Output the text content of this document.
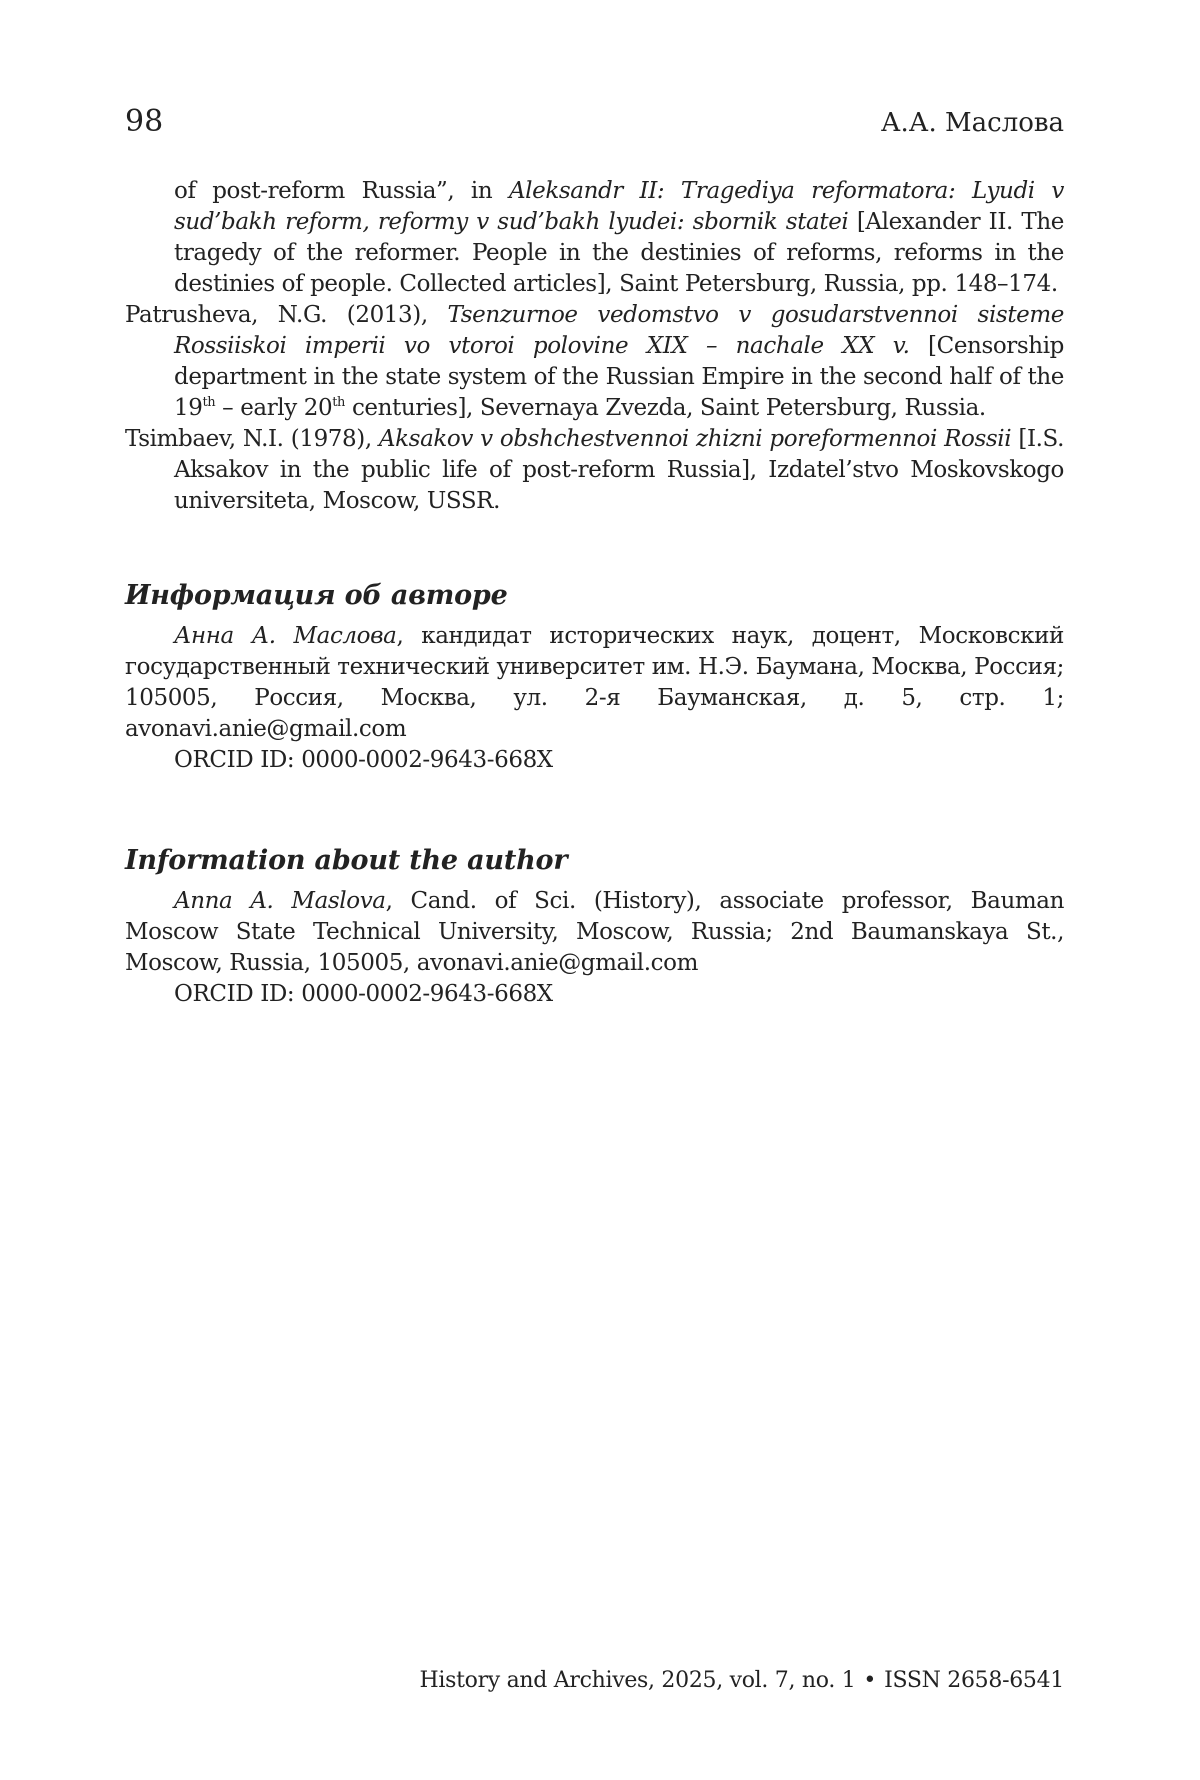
98	А.А. Маслова

of post-reform Russia”, in Aleksandr II: Tragediya reformatora: Lyudi v sud’bakh reform, reformy v sud’bakh lyudei: sbornik statei [Alexander II. The tragedy of the reformer. People in the destinies of reforms, reforms in the destinies of people. Collected articles], Saint Petersburg, Russia, pp. 148–174.

Patrusheva, N.G. (2013), Tsenzurnoe vedomstvo v gosudarstvennoi sisteme Rossiiskoi imperii vo vtoroi polovine XIX – nachale XX v. [Censorship department in the state system of the Russian Empire in the second half of the 19th – early 20th centuries], Severnaya Zvezda, Saint Petersburg, Russia.

Tsimbaev, N.I. (1978), Aksakov v obshchestvennoi zhizni poreformennoi Rossii [I.S. Aksakov in the public life of post-reform Russia], Izdatel’stvo Moskovskogo universiteta, Moscow, USSR.

Информация об авторе

Анна А. Маслова, кандидат исторических наук, доцент, Московский государственный технический университет им. Н.Э. Баумана, Москва, Россия; 105005, Россия, Москва, ул. 2-я Бауманская, д. 5, стр. 1; avonavi.anie@gmail.com

ORCID ID: 0000-0002-9643-668X

Information about the author

Anna A. Maslova, Cand. of Sci. (History), associate professor, Bauman Moscow State Technical University, Moscow, Russia; 2nd Baumanskaya St., Moscow, Russia, 105005, avonavi.anie@gmail.com

ORCID ID: 0000-0002-9643-668X

History and Archives, 2025, vol. 7, no. 1 • ISSN 2658-6541
